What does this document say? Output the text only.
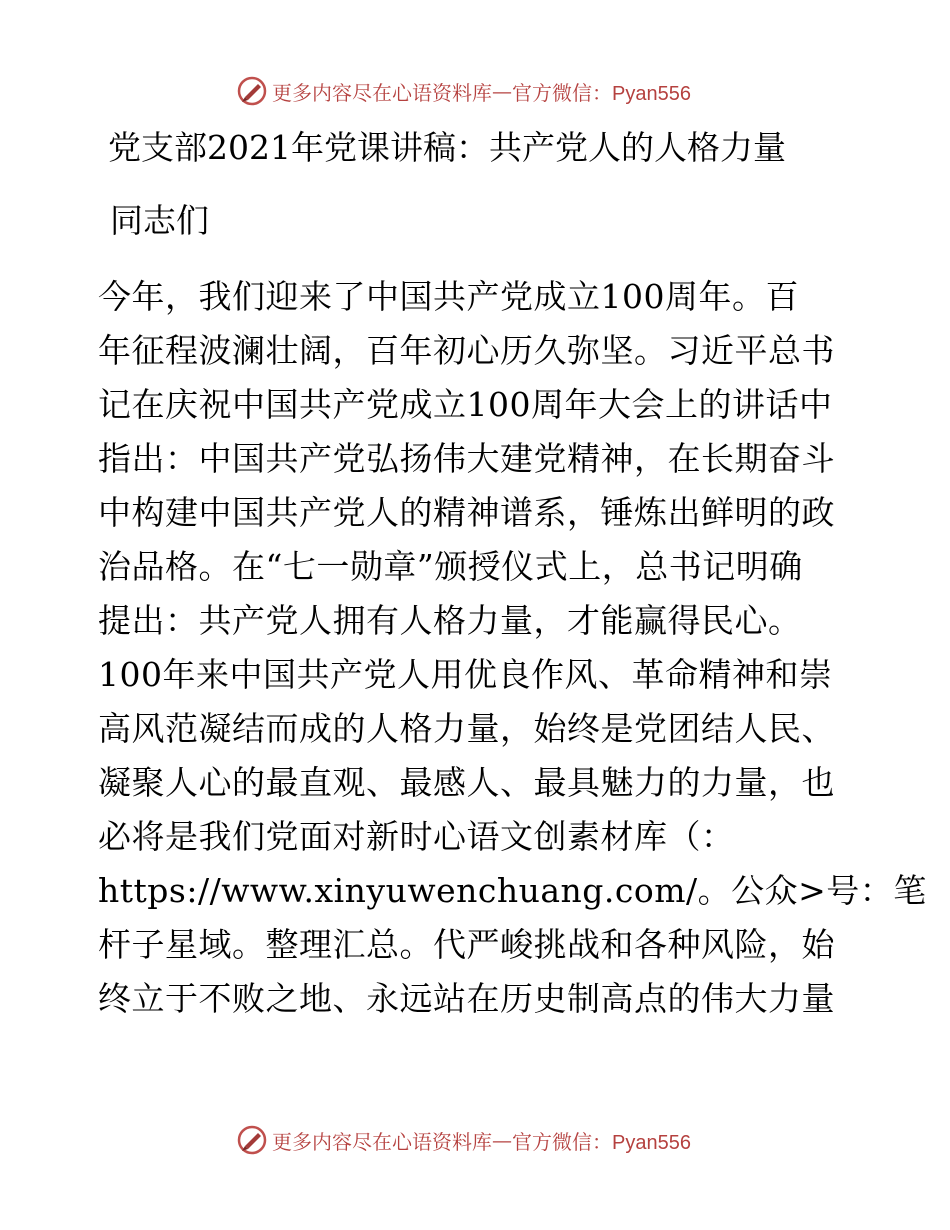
更多内容尽在心语资料库 — 官方微信：Pyan556
党支部2021年党课讲稿：共产党人的人格力量
同志们
今年，我们迎来了中国共产党成立100周年。百
年征程波澜壮阔，百年初心历久弥坚。习近平总书
记在庆祝中国共产党成立100周年大会上的讲话中
指出：中国共产党弘扬伟大建党精神，在长期奋斗
中构建中国共产党人的精神谱系，锤炼出鲜明的政
治品格。在“七一勋章”颁授仪式上，总书记明确
提出：共产党人拥有人格力量，才能赢得民心。
100年来中国共产党人用优良作风、革命精神和崇
高风范凝结而成的人格力量，始终是党团结人民、
凝聚人心的最直观、最感人、最具魅力的力量，也
必将是我们党面对新时心语文创素材库（：
https://www.xinyuwenchuang.com/。公众>号：笔
杆子星域。整理汇总。代严峻挑战和各种风险，始
终立于不败之地、永远站在历史制高点的伟大力量
更多内容尽在心语资料库 — 官方微信：Pyan556
